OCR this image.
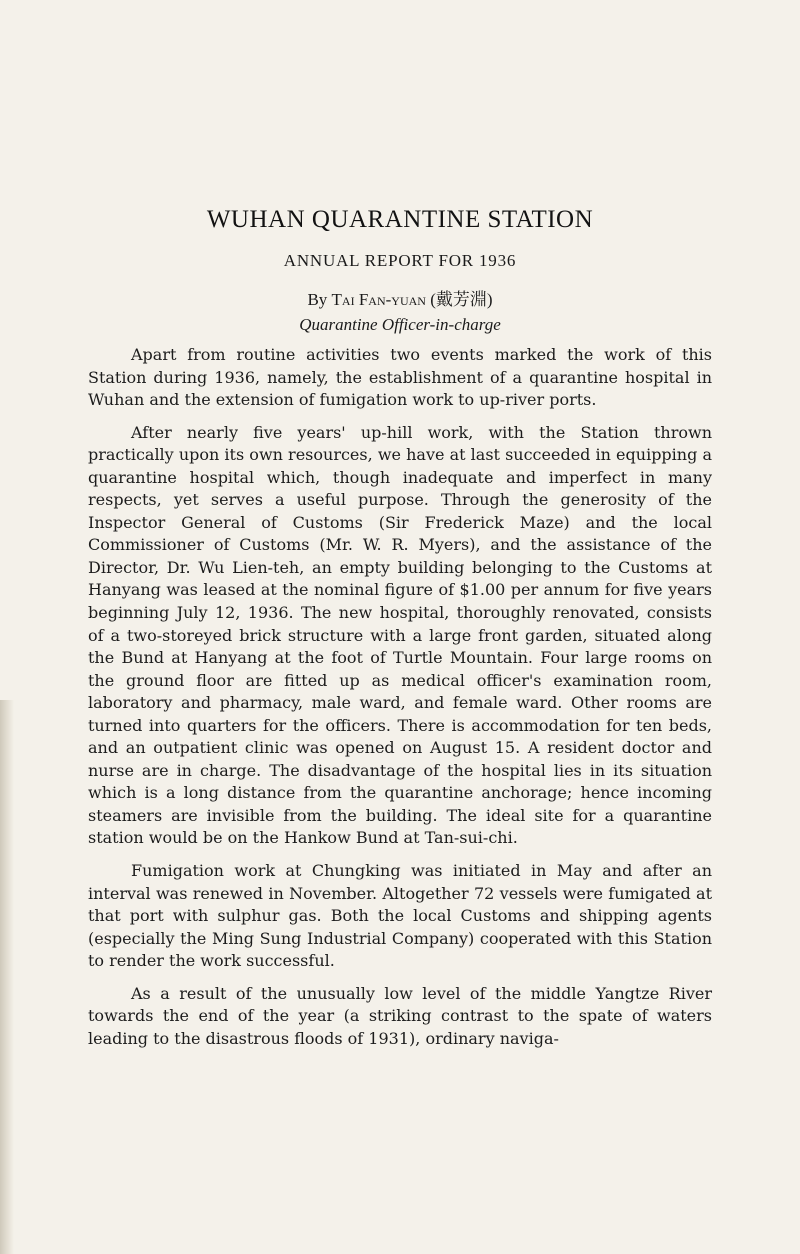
WUHAN QUARANTINE STATION
ANNUAL REPORT FOR 1936
By Tai Fan-yuan (戴芳淵)
Quarantine Officer-in-charge

Apart from routine activities two events marked the work of this Station during 1936, namely, the establishment of a quarantine hospital in Wuhan and the extension of fumigation work to up-river ports.

After nearly five years' up-hill work, with the Station thrown practically upon its own resources, we have at last succeeded in equipping a quarantine hospital which, though inadequate and imperfect in many respects, yet serves a useful purpose. Through the generosity of the Inspector General of Customs (Sir Frederick Maze) and the local Commissioner of Customs (Mr. W. R. Myers), and the assistance of the Director, Dr. Wu Lien-teh, an empty building belonging to the Customs at Hanyang was leased at the nominal figure of $1.00 per annum for five years beginning July 12, 1936. The new hospital, thoroughly renovated, consists of a two-storeyed brick structure with a large front garden, situated along the Bund at Hanyang at the foot of Turtle Mountain. Four large rooms on the ground floor are fitted up as medical officer's examination room, laboratory and pharmacy, male ward, and female ward. Other rooms are turned into quarters for the officers. There is accommodation for ten beds, and an outpatient clinic was opened on August 15. A resident doctor and nurse are in charge. The disadvantage of the hospital lies in its situation which is a long distance from the quarantine anchorage; hence incoming steamers are invisible from the building. The ideal site for a quarantine station would be on the Hankow Bund at Tan-sui-chi.

Fumigation work at Chungking was initiated in May and after an interval was renewed in November. Altogether 72 vessels were fumigated at that port with sulphur gas. Both the local Customs and shipping agents (especially the Ming Sung Industrial Company) cooperated with this Station to render the work successful.

As a result of the unusually low level of the middle Yangtze River towards the end of the year (a striking contrast to the spate of waters leading to the disastrous floods of 1931), ordinary naviga-
